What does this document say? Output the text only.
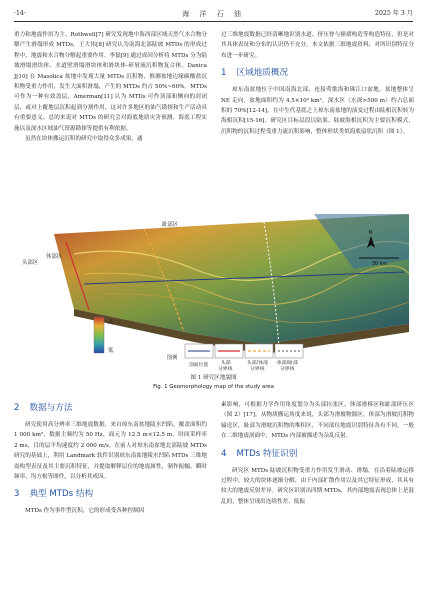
·14·	海 洋 石 油	2025 年 3 月

重力和地震作用为主。Rothwell[7] 研究发现地中海西部区域天然气水合物分解产生滑塌形成 MTDs。王大伟[8] 研究认为南海北部陆坡 MTDs 的形成过程中，地震和水合物分解起重要作用。李磊[9] 通过成因分析将 MTDs 分为陆坡滑塌滑块体、水道壁滑塌滑块体和滑块体-碎屑流沉积物复合体。Danica J[10] 在 Masolica 盆地中发现大量 MTDs 沉积物，推测盆地边缘碳酸盐沉积物受重力作用，发生大面积滑塌，产生的 MTDs 约占 50%~60%。MTDs 可作为一种有效盖层，Amerman[11] 认为 MTDs 可作顶部和侧向的封闭层，或对上覆地层沉积起到分割作用，这对许多地区的油气勘探和生产活动具有重要意义。总的来说对 MTDs 的研究会对海底地质灾害预测、海底工程实施以及深水区域油气资源勘探等提供有利依据。

虽然在块体搬运沉积的研究中取得众多成果，通

过三维地震数据已经清晰地识别水道、挤压脊与撞褶构造等构造特征，但是对其具体表征和分布的认识仍不充分。本文依据三维地震资料，对所识别特征分布进一步研究。

1 区域地质概况

琼东南盆地位于中国南海北部，连接莺歌海和珠江口盆地，盆地整体呈 NE 走向，盆地面积约为 4.5×10⁴ km²，深水区（水深>500 m）约占总面积的 70%[12-14]。在中生代基底之上琼东南盆地的演变过程由陆相沉积转为海相沉积[15-16]。研究区目标层段以陆架、陆坡海相沉积为主要沉积模式，沉积物的沉积过程受重力流沉积影响，整体形状类似海底扇状沉积（图 1）。

头部区
体部区
趾部区
N
30 km
高
低
图例
剖面位置	头部
分界线
头部/体部
分界线
体部/趾部
分界线
图 1 研究区地貌图
Fig. 1 Geomorphology map of the study area
2 数据与方法

研究使用高分辨率三维地震数据，来自琼东南盆地陵水凹陷，覆盖面积约 1 000 km²，数据主频约为 50 Hz，面元为 12.5 m×12.5 m，时间采样率 2 ms，目的层平均速度约 2 000 m/s。在前人对琼东南盆地北部陆坡 MTDs 研究的基础上，利用 Landmark 软件识别琼东南盆地陵水凹陷 MTDs 三维地震构型表征及其主要沉积特征，并提取解释层位的地震属性，制作振幅、瞬时频率、均方根等图件，以分析其成因。

3 典型 MTDs 结构

MTDs 作为事件型沉积，它的形成受各种控制因

素影响，可根据力学作用角度划分为头部拉张区、体部滑移区和趾部挤压区（图 2）[17]。从物质搬运角度来说，头部为滑坡物源区，体部为滑坡沉积物输送区，趾部为滑坡沉积物的堆积区，不同部位地震识别特征各有不同。一般在二维地震剖面中，MTDs 内部被描述为杂乱反射。

4 MTDs 特征识别

研究区 MTDs 陆坡沉积物受重力作用发生滑动、滑塌，在沿着陆坡运移过程中，较大的块体逐渐分解，由于内部扩散作用以及其它特征形成，其具有较大的地震反射差异。研究区识别出四期 MTDs，其内部地震表现总体上是混乱的，整体呈现出连续性差、低振
